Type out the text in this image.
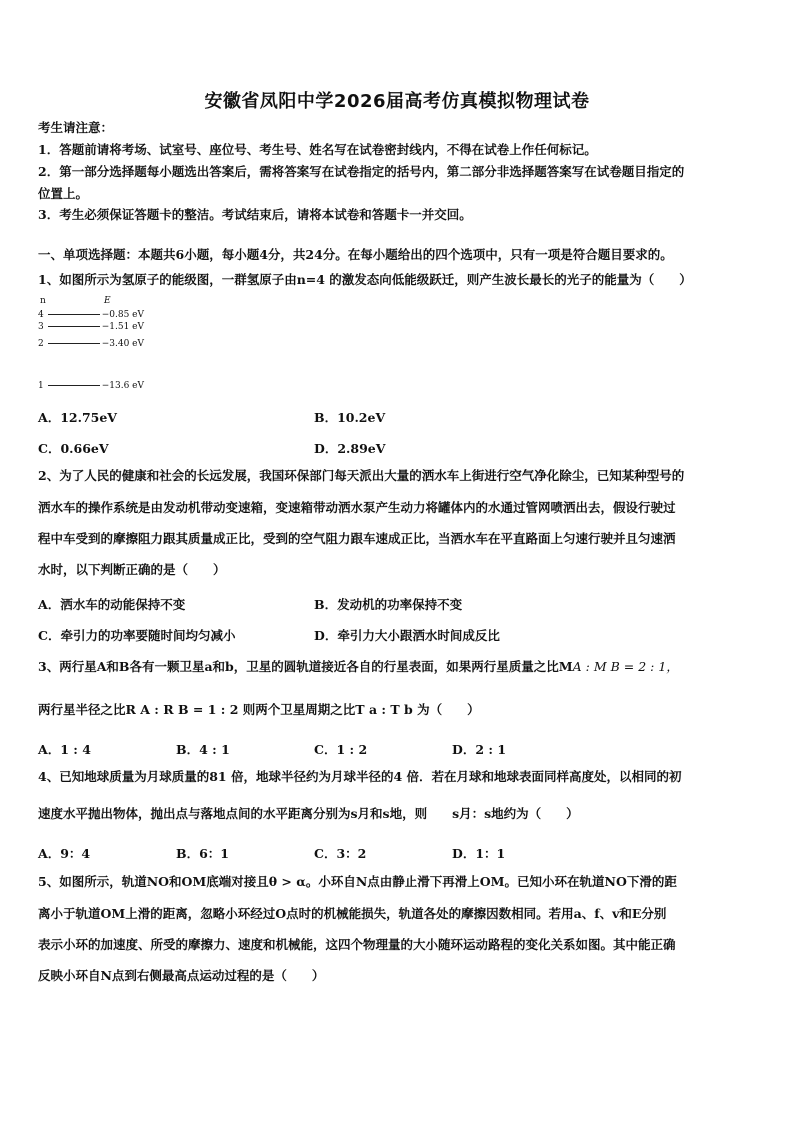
安徽省凤阳中学2026届高考仿真模拟物理试卷
考生请注意：
1．答题前请将考场、试室号、座位号、考生号、姓名写在试卷密封线内，不得在试卷上作任何标记。
2．第一部分选择题每小题选出答案后，需将答案写在试卷指定的括号内，第二部分非选择题答案写在试卷题目指定的
位置上。
3．考生必须保证答题卡的整洁。考试结束后，请将本试卷和答题卡一并交回。
一、单项选择题：本题共6小题，每小题4分，共24分。在每小题给出的四个选项中，只有一项是符合题目要求的。
1、如图所示为氢原子的能级图，一群氢原子由n=4 的激发态向低能级跃迁，则产生波长最长的光子的能量为（　　）
n	E
4	−0.85 eV
3	−1.51 eV
2	−3.40 eV
1	−13.6 eV
A．12.75eV	B．10.2eV
C．0.66eV	D．2.89eV
2、为了人民的健康和社会的长远发展，我国环保部门每天派出大量的洒水车上街进行空气净化除尘，已知某种型号的
洒水车的操作系统是由发动机带动变速箱，变速箱带动洒水泵产生动力将罐体内的水通过管网喷洒出去，假设行驶过
程中车受到的摩擦阻力跟其质量成正比，受到的空气阻力跟车速成正比，当洒水车在平直路面上匀速行驶并且匀速洒
水时，以下判断正确的是（　　）
A．洒水车的动能保持不变	B．发动机的功率保持不变
C．牵引力的功率要随时间均匀减小	D．牵引力大小跟洒水时间成反比
3、两行星A和B各有一颗卫星a和b，卫星的圆轨道接近各自的行星表面，如果两行星质量之比MA : M B = 2 : 1，
两行星半径之比R A : R B = 1 : 2 则两个卫星周期之比T a : T b 为（　　）
A．1 : 4	B．4 : 1	C．1 : 2	D．2 : 1
4、已知地球质量为月球质量的81 倍，地球半径约为月球半径的4 倍．若在月球和地球表面同样高度处，以相同的初
速度水平抛出物体，抛出点与落地点间的水平距离分别为s月和s地，则　　s月：s地约为（　　）
A．9：4	B．6：1	C．3：2	D．1：1
5、如图所示，轨道NO和OM底端对接且θ > α。小环自N点由静止滑下再滑上OM。已知小环在轨道NO下滑的距
离小于轨道OM上滑的距离，忽略小环经过O点时的机械能损失，轨道各处的摩擦因数相同。若用a、f、v和E分别
表示小环的加速度、所受的摩擦力、速度和机械能，这四个物理量的大小随环运动路程的变化关系如图。其中能正确
反映小环自N点到右侧最高点运动过程的是（　　）
